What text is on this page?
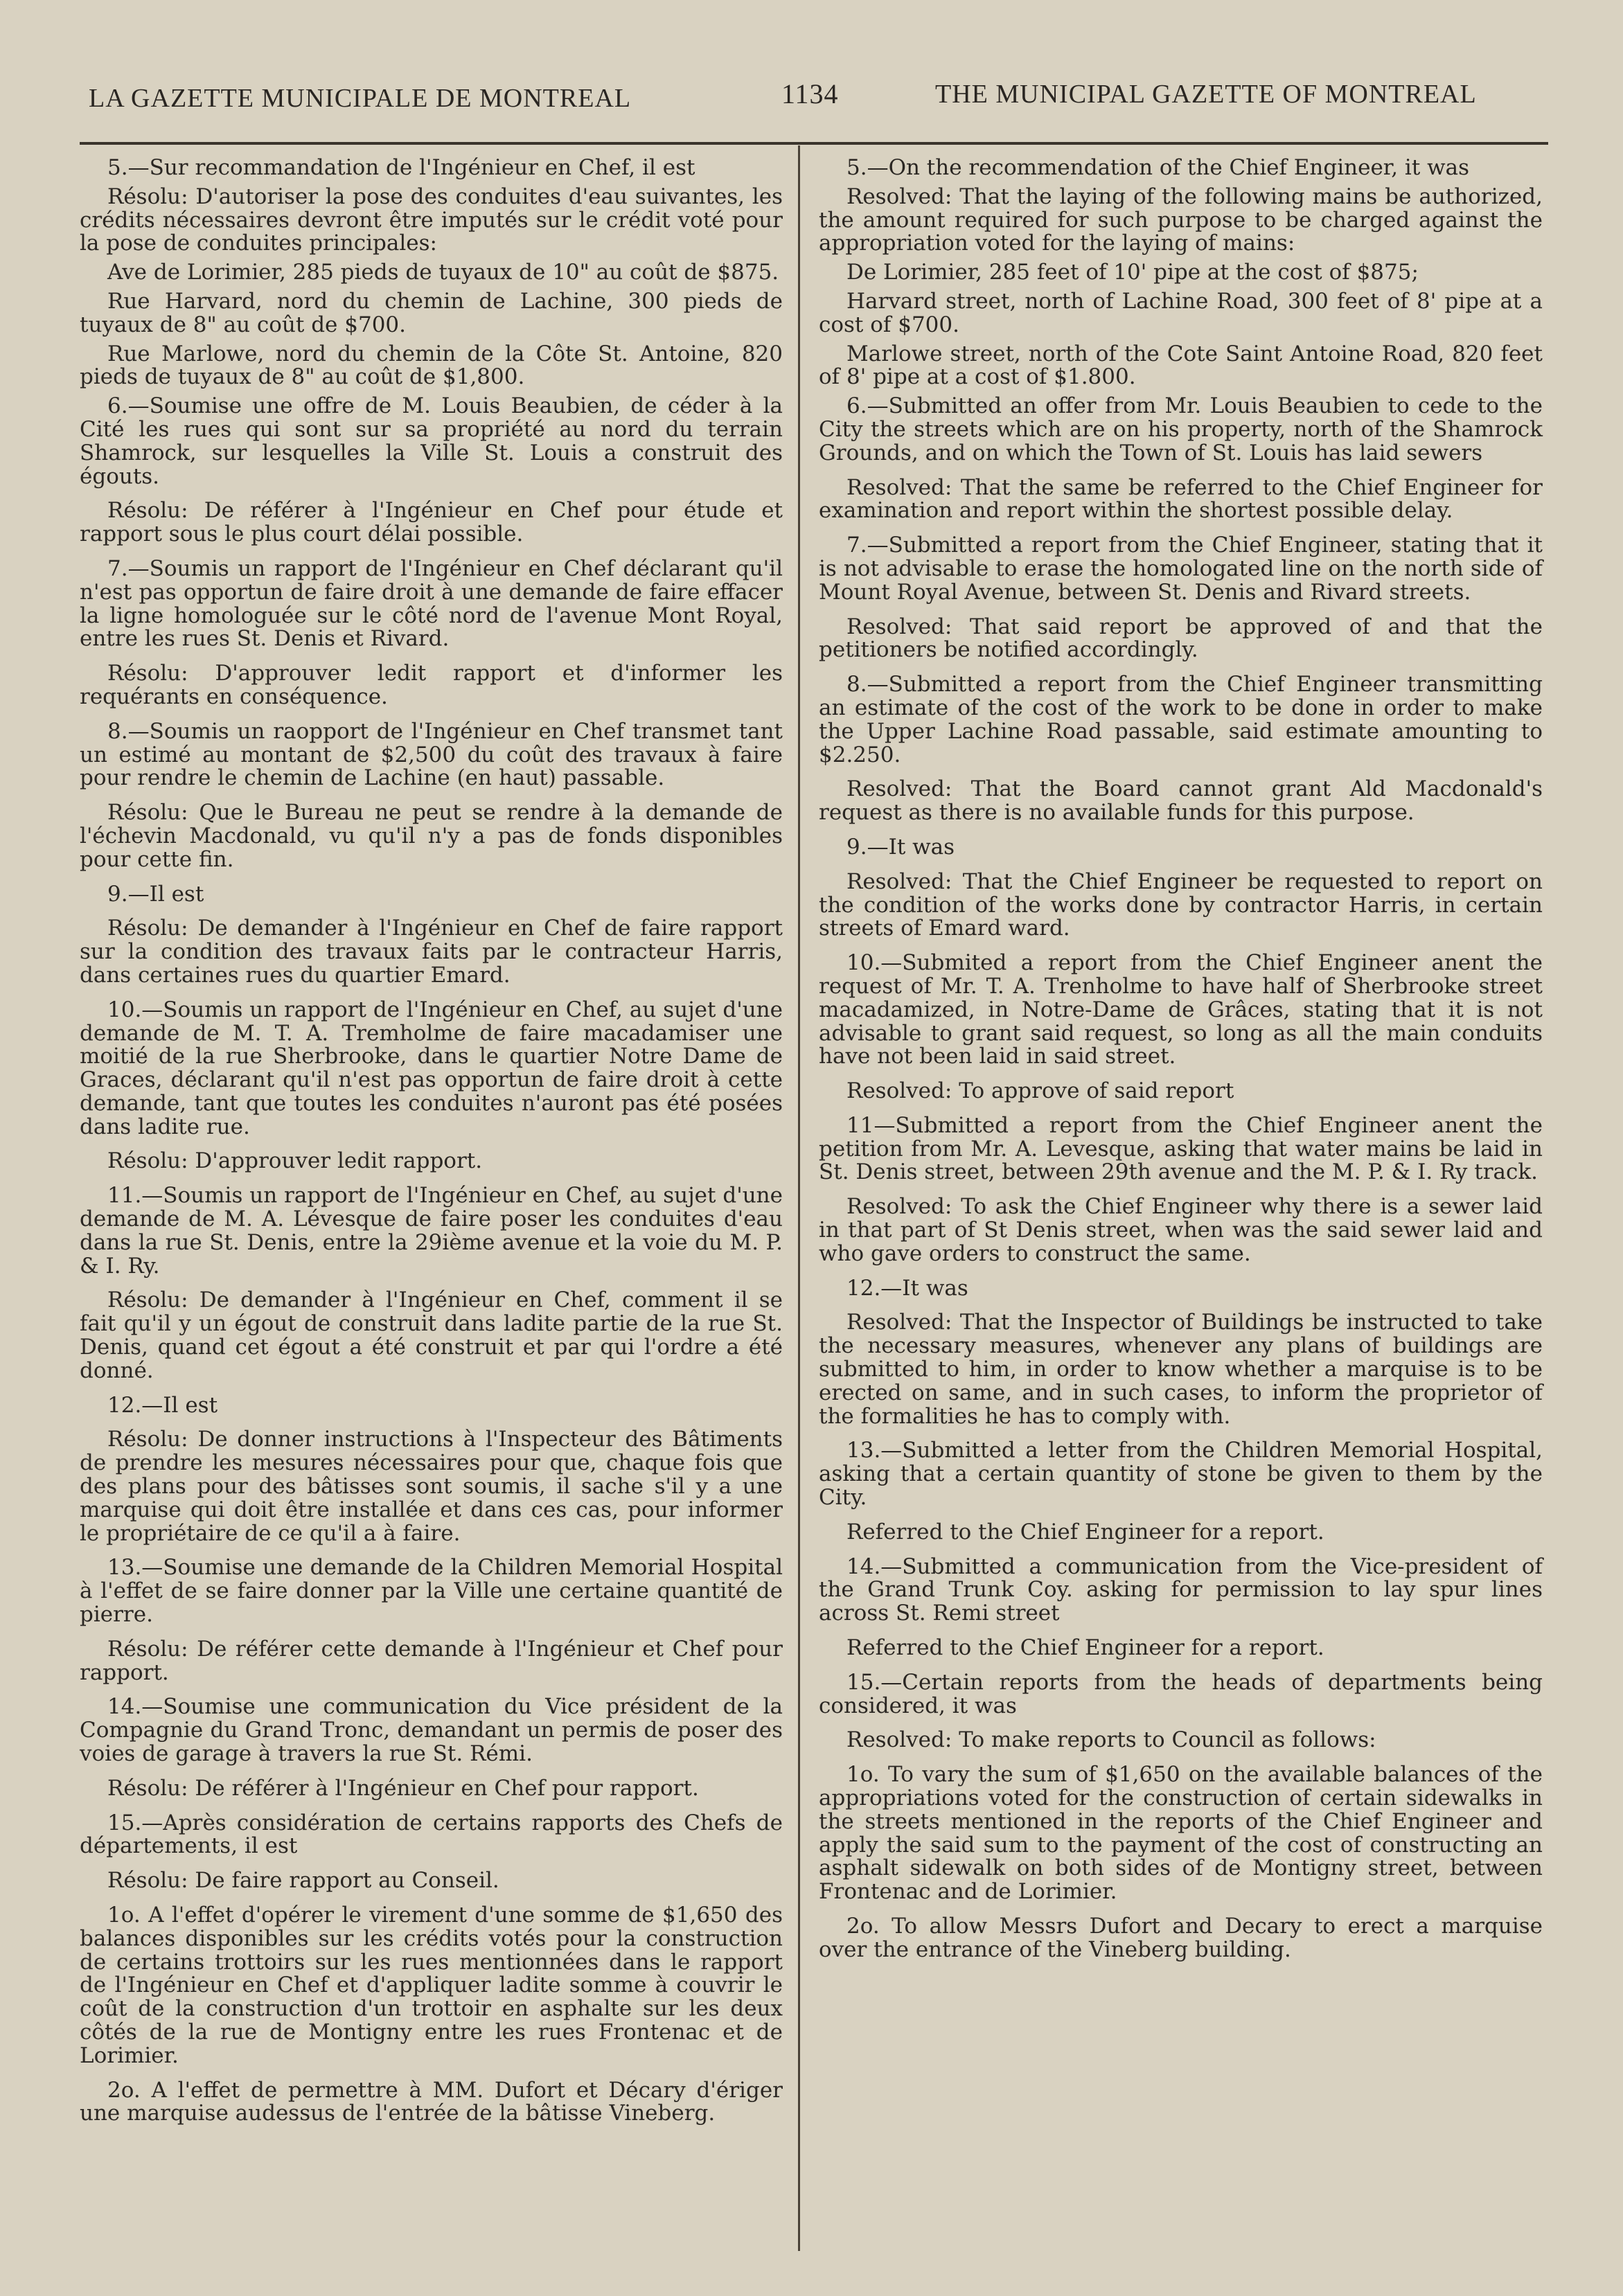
LA GAZETTE MUNICIPALE DE MONTREAL	1134	THE MUNICIPAL GAZETTE OF MONTREAL

5.—Sur recommandation de l'Ingénieur en Chef, il est

Résolu: D'autoriser la pose des conduites d'eau suivantes, les crédits nécessaires devront être imputés sur le crédit voté pour la pose de conduites principales:

Ave de Lorimier, 285 pieds de tuyaux de 10" au coût de $875.

Rue Harvard, nord du chemin de Lachine, 300 pieds de tuyaux de 8" au coût de $700.

Rue Marlowe, nord du chemin de la Côte St. Antoine, 820 pieds de tuyaux de 8" au coût de $1,800.

6.—Soumise une offre de M. Louis Beaubien, de céder à la Cité les rues qui sont sur sa propriété au nord du terrain Shamrock, sur lesquelles la Ville St. Louis a construit des égouts.

Résolu: De référer à l'Ingénieur en Chef pour étude et rapport sous le plus court délai possible.

7.—Soumis un rapport de l'Ingénieur en Chef déclarant qu'il n'est pas opportun de faire droit à une demande de faire effacer la ligne homologuée sur le côté nord de l'avenue Mont Royal, entre les rues St. Denis et Rivard.

Résolu: D'approuver ledit rapport et d'informer les requérants en conséquence.

8.—Soumis un raopport de l'Ingénieur en Chef transmet tant un estimé au montant de $2,500 du coût des travaux à faire pour rendre le chemin de Lachine (en haut) passable.

Résolu: Que le Bureau ne peut se rendre à la demande de l'échevin Macdonald, vu qu'il n'y a pas de fonds disponibles pour cette fin.

9.—Il est

Résolu: De demander à l'Ingénieur en Chef de faire rapport sur la condition des travaux faits par le contracteur Harris, dans certaines rues du quartier Emard.

10.—Soumis un rapport de l'Ingénieur en Chef, au sujet d'une demande de M. T. A. Tremholme de faire macadamiser une moitié de la rue Sherbrooke, dans le quartier Notre Dame de Graces, déclarant qu'il n'est pas opportun de faire droit à cette demande, tant que toutes les conduites n'auront pas été posées dans ladite rue.

Résolu: D'approuver ledit rapport.

11.—Soumis un rapport de l'Ingénieur en Chef, au sujet d'une demande de M. A. Lévesque de faire poser les conduites d'eau dans la rue St. Denis, entre la 29ième avenue et la voie du M. P. & I. Ry.

Résolu: De demander à l'Ingénieur en Chef, comment il se fait qu'il y un égout de construit dans ladite partie de la rue St. Denis, quand cet égout a été construit et par qui l'ordre a été donné.

12.—Il est

Résolu: De donner instructions à l'Inspecteur des Bâtiments de prendre les mesures nécessaires pour que, chaque fois que des plans pour des bâtisses sont soumis, il sache s'il y a une marquise qui doit être installée et dans ces cas, pour informer le propriétaire de ce qu'il a à faire.

13.—Soumise une demande de la Children Memorial Hospital à l'effet de se faire donner par la Ville une certaine quantité de pierre.

Résolu: De référer cette demande à l'Ingénieur et Chef pour rapport.

14.—Soumise une communication du Vice président de la Compagnie du Grand Tronc, demandant un permis de poser des voies de garage à travers la rue St. Rémi.

Résolu: De référer à l'Ingénieur en Chef pour rapport.

15.—Après considération de certains rapports des Chefs de départements, il est

Résolu: De faire rapport au Conseil.

1o. A l'effet d'opérer le virement d'une somme de $1,650 des balances disponibles sur les crédits votés pour la construction de certains trottoirs sur les rues mentionnées dans le rapport de l'Ingénieur en Chef et d'appliquer ladite somme à couvrir le coût de la construction d'un trottoir en asphalte sur les deux côtés de la rue de Montigny entre les rues Frontenac et de Lorimier.

2o. A l'effet de permettre à MM. Dufort et Décary d'ériger une marquise audessus de l'entrée de la bâtisse Vineberg.

5.—On the recommendation of the Chief Engineer, it was

Resolved: That the laying of the following mains be authorized, the amount required for such purpose to be charged against the appropriation voted for the laying of mains:

De Lorimier, 285 feet of 10' pipe at the cost of $875;

Harvard street, north of Lachine Road, 300 feet of 8' pipe at a cost of $700.

Marlowe street, north of the Cote Saint Antoine Road, 820 feet of 8' pipe at a cost of $1.800.

6.—Submitted an offer from Mr. Louis Beaubien to cede to the City the streets which are on his property, north of the Shamrock Grounds, and on which the Town of St. Louis has laid sewers

Resolved: That the same be referred to the Chief Engineer for examination and report within the shortest possible delay.

7.—Submitted a report from the Chief Engineer, stating that it is not advisable to erase the homologated line on the north side of Mount Royal Avenue, between St. Denis and Rivard streets.

Resolved: That said report be approved of and that the petitioners be notified accordingly.

8.—Submitted a report from the Chief Engineer transmitting an estimate of the cost of the work to be done in order to make the Upper Lachine Road passable, said estimate amounting to $2.250.

Resolved: That the Board cannot grant Ald Macdonald's request as there is no available funds for this purpose.

9.—It was

Resolved: That the Chief Engineer be requested to report on the condition of the works done by contractor Harris, in certain streets of Emard ward.

10.—Submited a report from the Chief Engineer anent the request of Mr. T. A. Trenholme to have half of Sherbrooke street macadamized, in Notre-Dame de Grâces, stating that it is not advisable to grant said request, so long as all the main conduits have not been laid in said street.

Resolved: To approve of said report

11—Submitted a report from the Chief Engineer anent the petition from Mr. A. Levesque, asking that water mains be laid in St. Denis street, between 29th avenue and the M. P. & I. Ry track.

Resolved: To ask the Chief Engineer why there is a sewer laid in that part of St Denis street, when was the said sewer laid and who gave orders to construct the same.

12.—It was

Resolved: That the Inspector of Buildings be instructed to take the necessary measures, whenever any plans of buildings are submitted to him, in order to know whether a marquise is to be erected on same, and in such cases, to inform the proprietor of the formalities he has to comply with.

13.—Submitted a letter from the Children Memorial Hospital, asking that a certain quantity of stone be given to them by the City.

Referred to the Chief Engineer for a report.

14.—Submitted a communication from the Vice-president of the Grand Trunk Coy. asking for permission to lay spur lines across St. Remi street

Referred to the Chief Engineer for a report.

15.—Certain reports from the heads of departments being considered, it was

Resolved: To make reports to Council as follows:

1o. To vary the sum of $1,650 on the available balances of the appropriations voted for the construction of certain sidewalks in the streets mentioned in the reports of the Chief Engineer and apply the said sum to the payment of the cost of constructing an asphalt sidewalk on both sides of de Montigny street, between Frontenac and de Lorimier.

2o. To allow Messrs Dufort and Decary to erect a marquise over the entrance of the Vineberg building.
